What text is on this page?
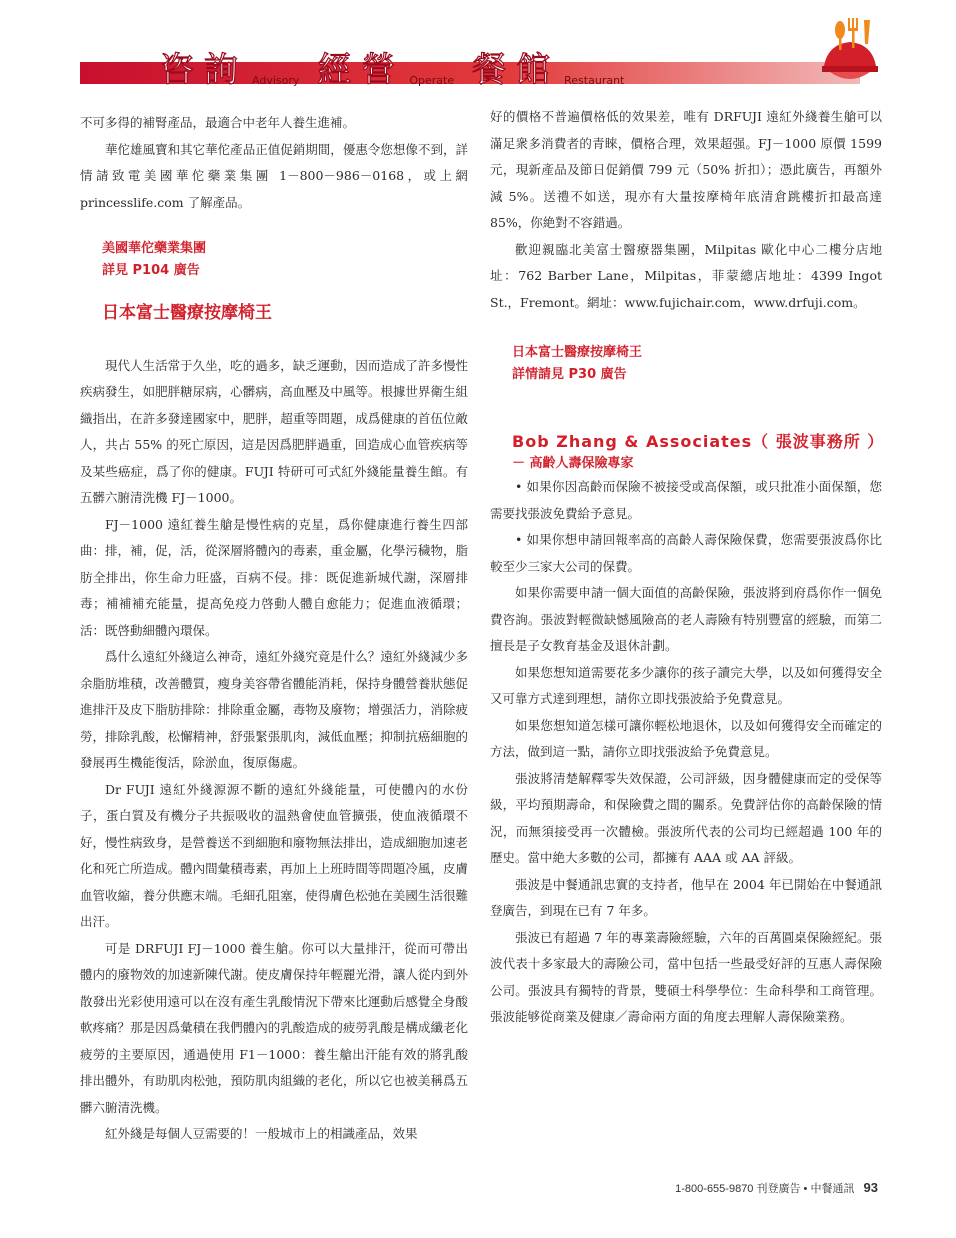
咨詢 Advisory 經營 Operate 餐館 Restaurant

不可多得的補腎產品，最適合中老年人養生進補。

華佗雄風寶和其它華佗產品正值促銷期間，優惠令您想像不到，詳情請致電美國華佗藥業集團 1－800－986－0168，或上網 princesslife.com 了解產品。

美國華佗藥業集團
詳見 P104 廣告
日本富士醫療按摩椅王

現代人生活常于久坐，吃的過多，缺乏運動，因而造成了許多慢性疾病發生，如肥胖糖尿病，心髒病，高血壓及中風等。根據世界衛生組織指出，在許多發達國家中，肥胖，超重等問題，成爲健康的首伍位敵人，共占 55% 的死亡原因，這是因爲肥胖過重，回造成心血管疾病等及某些癌症，爲了你的健康。FUJI 特研可可式紅外綫能量養生館。有五髒六腑清洗機 FJ－1000。

FJ－1000 遠紅養生艙是慢性病的克星，爲你健康進行養生四部曲：排，補，促，活，從深層將體內的毒素，重金屬，化學污穢物，脂肪全排出，你生命力旺盛，百病不侵。排：既促進新城代謝，深層排毒；補補補充能量，提高免疫力啓動人體自愈能力；促進血液循環；活：既啓動細體內環保。

爲什么遠紅外綫這么神奇，遠紅外綫究竟是什么？遠紅外綫減少多余脂肪堆積，改善體質，瘦身美容帶省體能消耗，保持身體營養狀態促進排汗及皮下脂肪排除：排除重金屬，毒物及廢物；增强活力，消除疲勞，排除乳酸，松懈精神，舒張緊張肌肉，減低血壓；抑制抗癌細胞的發展再生機能復活，除淤血，復原傷處。

Dr FUJI 遠紅外綫源源不斷的遠紅外綫能量，可使體內的水份子，蛋白質及有機分子共振吸收的温熱會使血管擴張，使血液循環不好，慢性病致身，是營養送不到細胞和廢物無法排出，造成細胞加速老化和死亡所造成。體內間彙積毒素，再加上上班時間等問題冷風，皮膚血管收縮，養分供應末端。毛細孔阻塞，使得膚色松弛在美國生活很難出汗。

可是 DRFUJI FJ－1000 養生艙。你可以大量排汗，從而可帶出體内的廢物效的加速新陳代謝。使皮膚保持年輕麗光滑，讓人從内到外散發出光彩使用遠可以在沒有產生乳酸情況下帶來比運動后感覺全身酸軟疼痛？那是因爲彙積在我們體內的乳酸造成的疲勞乳酸是構成纖老化疲勞的主要原因，通過使用 F1－1000：養生艙出汗能有效的將乳酸排出體外，有助肌肉松弛，預防肌肉組織的老化，所以它也被美稱爲五髒六腑清洗機。

紅外綫是每個人豆需要的！一般城市上的相識產品，效果

好的價格不普遍價格低的效果差，唯有 DRFUJI 遠紅外綫養生艙可以滿足衆多消費者的青睞，價格合理，效果超强。FJ－1000 原價 1599 元，現新產品及節日促銷價 799 元（50% 折扣）；憑此廣告，再額外減 5%。送禮不如送，現亦有大量按摩椅年底清倉跳樓折扣最高達 85%，你絶對不容錯過。

歡迎親臨北美富士醫療器集團，Milpitas 歐化中心二樓分店地址：762 Barber Lane，Milpitas，菲蒙總店地址：4399 Ingot St.，Fremont。網址：www.fujichair.com，www.drfuji.com。

日本富士醫療按摩椅王
詳情請見 P30 廣告
Bob Zhang & Associates（ 張波事務所 ）
－ 高齡人壽保險專家

• 如果你因高齡而保險不被接受或高保額，或只批准小面保額，您需要找張波免費給予意見。

• 如果你想申請回報率高的高齡人壽保險保費，您需要張波爲你比較至少三家大公司的保費。

如果你需要申請一個大面值的高齡保險，張波將到府爲你作一個免費咨詢。張波對輕微缺憾風險高的老人壽險有特别豐富的經驗，而第二擅長是子女教育基金及退休計劃。

如果您想知道需要花多少讓你的孩子讀完大學，以及如何獲得安全又可靠方式達到理想，請你立即找張波給予免費意見。

如果您想知道怎樣可讓你輕松地退休，以及如何獲得安全而確定的方法，做到這一點，請你立即找張波給予免費意見。

張波將清楚解釋零失效保證，公司評級，因身體健康而定的受保等級，平均預期壽命，和保險費之間的關系。免費評估你的高齡保險的情況，而無須接受再一次體檢。張波所代表的公司均已經超過 100 年的歷史。當中絶大多數的公司，都擁有 AAA 或 AA 評級。

張波是中餐通訊忠實的支持者，他早在 2004 年已開始在中餐通訊登廣告，到現在已有 7 年多。

張波已有超過 7 年的專業壽險經驗，六年的百萬圓桌保險經紀。張波代表十多家最大的壽險公司，當中包括一些最受好評的互惠人壽保險公司。張波具有獨特的背景，雙碩士科學學位：生命科學和工商管理。張波能够從商業及健康／壽命兩方面的角度去理解人壽保險業務。

1-800-655-9870 刊登廣告 • 中餐通訊 93
